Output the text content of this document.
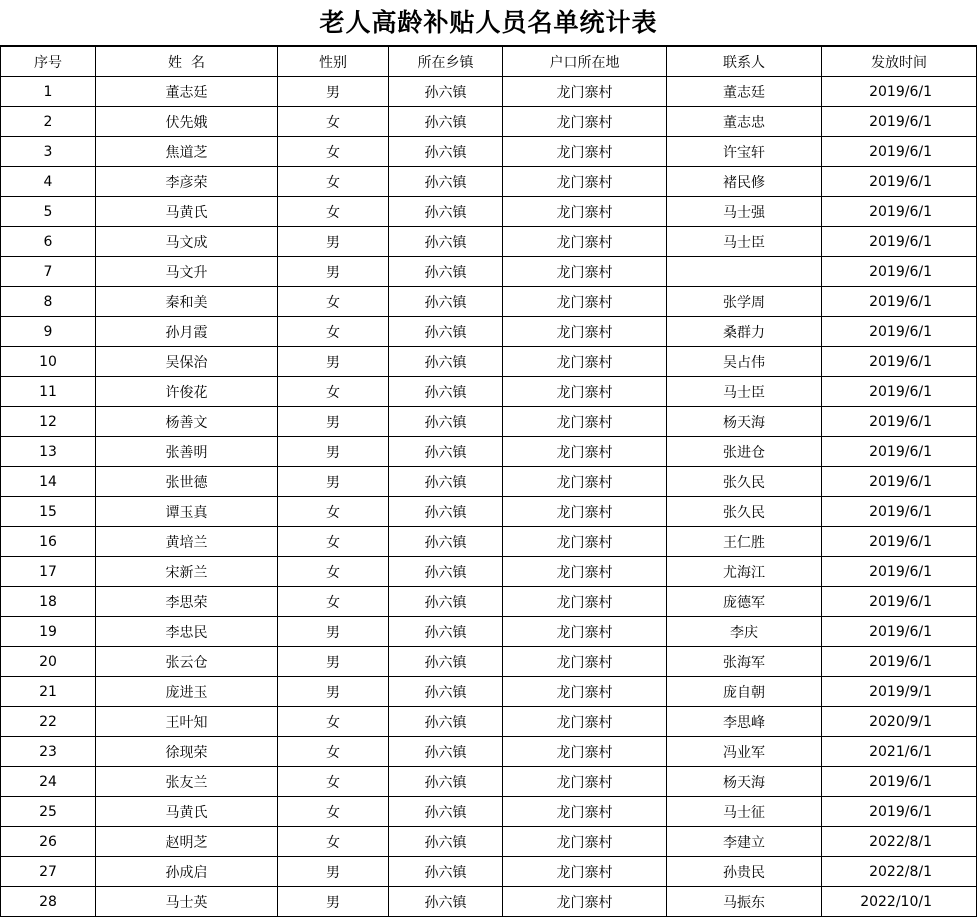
老人高龄补贴人员名单统计表
序号	姓  名	性别	所在乡镇	户口所在地	联系人	发放时间
1	董志廷	男	孙六镇	龙门寨村	董志廷	2019/6/1
2	伏先娥	女	孙六镇	龙门寨村	董志忠	2019/6/1
3	焦道芝	女	孙六镇	龙门寨村	许宝轩	2019/6/1
4	李彦荣	女	孙六镇	龙门寨村	褚民修	2019/6/1
5	马黄氏	女	孙六镇	龙门寨村	马士强	2019/6/1
6	马文成	男	孙六镇	龙门寨村	马士臣	2019/6/1
7	马文升	男	孙六镇	龙门寨村		2019/6/1
8	秦和美	女	孙六镇	龙门寨村	张学周	2019/6/1
9	孙月霞	女	孙六镇	龙门寨村	桑群力	2019/6/1
10	吴保治	男	孙六镇	龙门寨村	吴占伟	2019/6/1
11	许俊花	女	孙六镇	龙门寨村	马士臣	2019/6/1
12	杨善文	男	孙六镇	龙门寨村	杨天海	2019/6/1
13	张善明	男	孙六镇	龙门寨村	张进仓	2019/6/1
14	张世德	男	孙六镇	龙门寨村	张久民	2019/6/1
15	谭玉真	女	孙六镇	龙门寨村	张久民	2019/6/1
16	黄培兰	女	孙六镇	龙门寨村	王仁胜	2019/6/1
17	宋新兰	女	孙六镇	龙门寨村	尤海江	2019/6/1
18	李思荣	女	孙六镇	龙门寨村	庞德军	2019/6/1
19	李忠民	男	孙六镇	龙门寨村	李庆	2019/6/1
20	张云仓	男	孙六镇	龙门寨村	张海军	2019/6/1
21	庞进玉	男	孙六镇	龙门寨村	庞自朝	2019/9/1
22	王叶知	女	孙六镇	龙门寨村	李思峰	2020/9/1
23	徐现荣	女	孙六镇	龙门寨村	冯业军	2021/6/1
24	张友兰	女	孙六镇	龙门寨村	杨天海	2019/6/1
25	马黄氏	女	孙六镇	龙门寨村	马士征	2019/6/1
26	赵明芝	女	孙六镇	龙门寨村	李建立	2022/8/1
27	孙成启	男	孙六镇	龙门寨村	孙贵民	2022/8/1
28	马士英	男	孙六镇	龙门寨村	马振东	2022/10/1
